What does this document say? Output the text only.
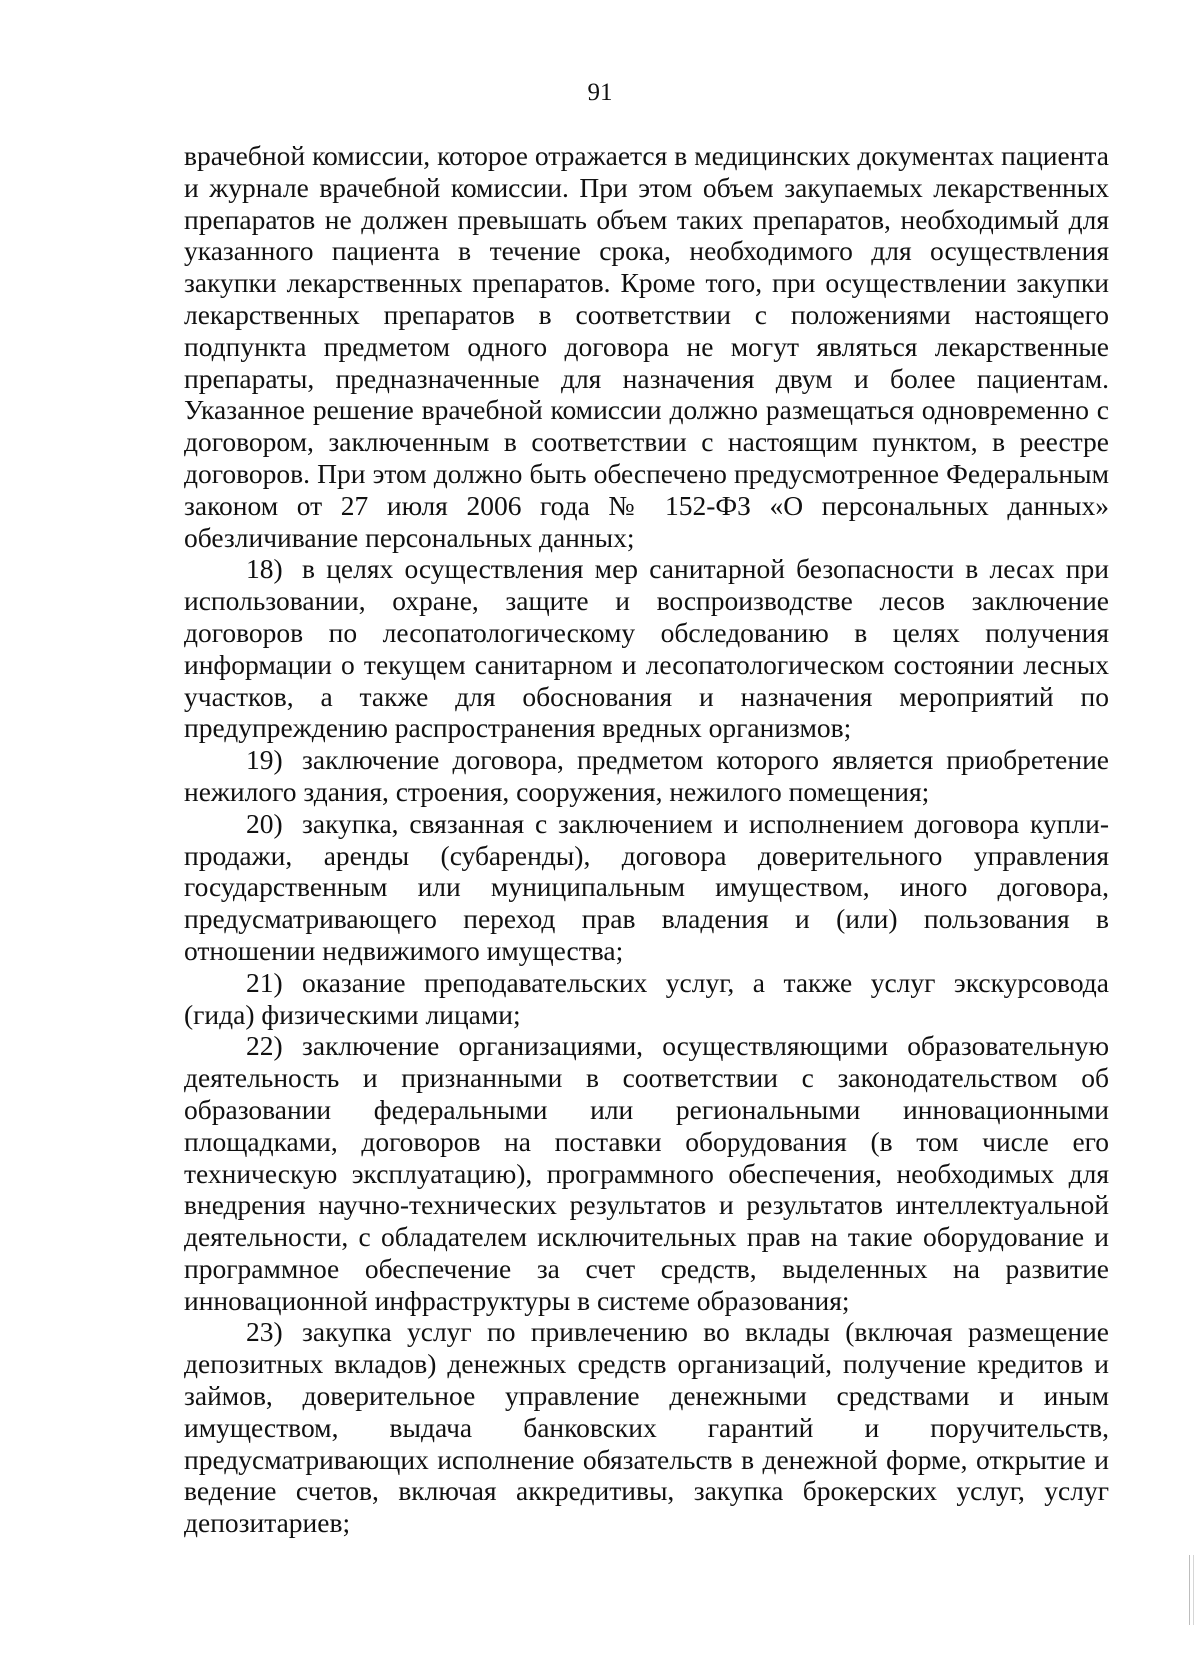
91

врачебной комиссии, которое отражается в медицинских документах пациента и журнале врачебной комиссии. При этом объем закупаемых лекарственных препаратов не должен превышать объем таких препаратов, необходимый для указанного пациента в течение срока, необходимого для осуществления закупки лекарственных препаратов. Кроме того, при осуществлении закупки лекарственных препаратов в соответствии с положениями настоящего подпункта предметом одного договора не могут являться лекарственные препараты, предназначенные для назначения двум и более пациентам. Указанное решение врачебной комиссии должно размещаться одновременно с договором, заключенным в соответствии с настоящим пунктом, в реестре договоров. При этом должно быть обеспечено предусмотренное Федеральным законом от 27 июля 2006 года № 152-ФЗ «О персональных данных» обезличивание персональных данных;

18) в целях осуществления мер санитарной безопасности в лесах при использовании, охране, защите и воспроизводстве лесов заключение договоров по лесопатологическому обследованию в целях получения информации о текущем санитарном и лесопатологическом состоянии лесных участков, а также для обоснования и назначения мероприятий по предупреждению распространения вредных организмов;

19) заключение договора, предметом которого является приобретение нежилого здания, строения, сооружения, нежилого помещения;

20) закупка, связанная с заключением и исполнением договора купли- продажи, аренды (субаренды), договора доверительного управления государственным или муниципальным имуществом, иного договора, предусматривающего переход прав владения и (или) пользования в отношении недвижимого имущества;

21) оказание преподавательских услуг, а также услуг экскурсовода (гида) физическими лицами;

22) заключение организациями, осуществляющими образовательную деятельность и признанными в соответствии с законодательством об образовании федеральными или региональными инновационными площадками, договоров на поставки оборудования (в том числе его техническую эксплуатацию), программного обеспечения, необходимых для внедрения научно-технических результатов и результатов интеллектуальной деятельности, с обладателем исключительных прав на такие оборудование и программное обеспечение за счет средств, выделенных на развитие инновационной инфраструктуры в системе образования;

23) закупка услуг по привлечению во вклады (включая размещение депозитных вкладов) денежных средств организаций, получение кредитов и займов, доверительное управление денежными средствами и иным имуществом, выдача банковских гарантий и поручительств, предусматривающих исполнение обязательств в денежной форме, открытие и ведение счетов, включая аккредитивы, закупка брокерских услуг, услуг депозитариев;
